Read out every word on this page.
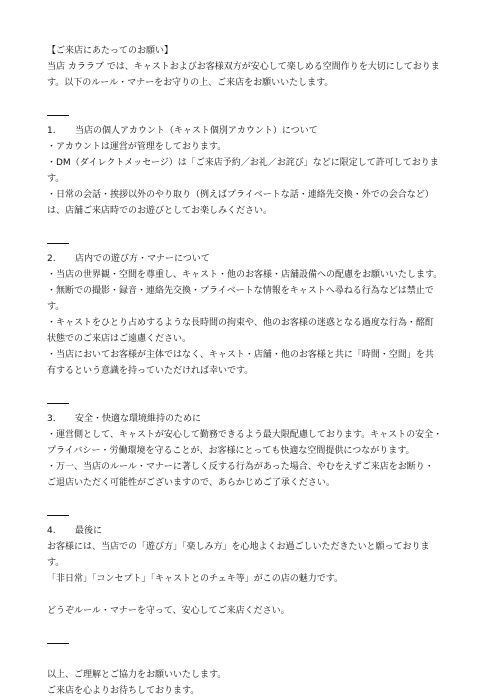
【ご来店にあたってのお願い】
当店 カララブ では、キャストおよびお客様双方が安心して楽しめる空間作りを大切にしておりま
す。以下のルール・マナーをお守りの上、ご来店をお願いいたします。
1. 当店の個人アカウント（キャスト個別アカウント）について
・アカウントは運営が管理をしております。
・DM（ダイレクトメッセージ）は「ご来店予約／お礼／お詫び」などに限定して許可しておりま
す。
・日常の会話・挨拶以外のやり取り（例えばプライベートな話・連絡先交換・外での会合など）
は、店舗ご来店時でのお遊びとしてお楽しみください。
2. 店内での遊び方・マナーについて
・当店の世界観・空間を尊重し、キャスト・他のお客様・店舗設備への配慮をお願いいたします。
・無断での撮影・録音・連絡先交換・プライベートな情報をキャストへ尋ねる行為などは禁止で
す。
・キャストをひとり占めするような長時間の拘束や、他のお客様の迷惑となる過度な行為・酩酊
状態でのご来店はご遠慮ください。
・当店においてお客様が主体ではなく、キャスト・店舗・他のお客様と共に「時間・空間」を共
有するという意識を持っていただければ幸いです。
3. 安全・快適な環境維持のために
・運営側として、キャストが安心して勤務できるよう最大限配慮しております。キャストの安全・
プライバシー・労働環境を守ることが、お客様にとっても快適な空間提供につながります。
・万一、当店のルール・マナーに著しく反する行為があった場合、やむをえずご来店をお断り・
ご退店いただく可能性がございますので、あらかじめご了承ください。
4. 最後に
お客様には、当店での「遊び方」「楽しみ方」を心地よくお過ごしいただきたいと願っておりま
す。
「非日常」「コンセプト」「キャストとのチェキ等」がこの店の魅力です。
どうぞルール・マナーを守って、安心してご来店ください。
以上、ご理解とご協力をお願いいたします。
ご来店を心よりお待ちしております。
